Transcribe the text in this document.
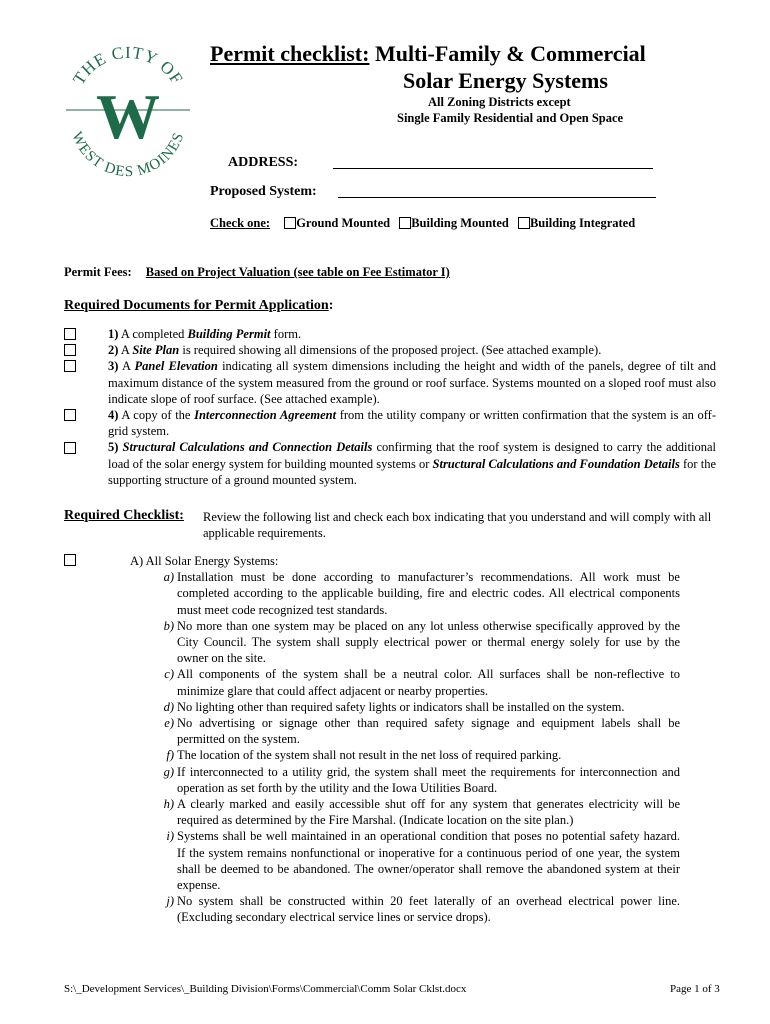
THE CITY OF
WEST DES MOINES
W
Permit checklist: Multi-Family & Commercial
Solar Energy Systems
All Zoning Districts except
Single Family Residential and Open Space
ADDRESS:
Proposed System:
Check one: Ground Mounted Building Mounted Building Integrated
Permit Fees: Based on Project Valuation (see table on Fee Estimator I)
Required Documents for Permit Application:

1) A completed Building Permit form.

2) A Site Plan is required showing all dimensions of the proposed project. (See attached example).

3) A Panel Elevation indicating all system dimensions including the height and width of the panels, degree of tilt and maximum distance of the system measured from the ground or roof surface. Systems mounted on a sloped roof must also indicate slope of roof surface. (See attached example).

4) A copy of the Interconnection Agreement from the utility company or written confirmation that the system is an off-grid system.

5) Structural Calculations and Connection Details confirming that the roof system is designed to carry the additional load of the solar energy system for building mounted systems or Structural Calculations and Foundation Details for the supporting structure of a ground mounted system.

Required Checklist: Review the following list and check each box indicating that you understand and will comply with all applicable requirements.
A) All Solar Energy Systems:
a) Installation must be done according to manufacturer’s recommendations. All work must be completed according to the applicable building, fire and electric codes. All electrical components must meet code recognized test standards.
b) No more than one system may be placed on any lot unless otherwise specifically approved by the City Council. The system shall supply electrical power or thermal energy solely for use by the owner on the site.
c) All components of the system shall be a neutral color. All surfaces shall be non-reflective to minimize glare that could affect adjacent or nearby properties.
d) No lighting other than required safety lights or indicators shall be installed on the system.
e) No advertising or signage other than required safety signage and equipment labels shall be permitted on the system.
f) The location of the system shall not result in the net loss of required parking.
g) If interconnected to a utility grid, the system shall meet the requirements for interconnection and operation as set forth by the utility and the Iowa Utilities Board.
h) A clearly marked and easily accessible shut off for any system that generates electricity will be required as determined by the Fire Marshal. (Indicate location on the site plan.)
i) Systems shall be well maintained in an operational condition that poses no potential safety hazard. If the system remains nonfunctional or inoperative for a continuous period of one year, the system shall be deemed to be abandoned. The owner/operator shall remove the abandoned system at their expense.
j) No system shall be constructed within 20 feet laterally of an overhead electrical power line. (Excluding secondary electrical service lines or service drops).
S:\_Development Services\_Building Division\Forms\Commercial\Comm Solar Cklst.docx	Page 1 of 3
